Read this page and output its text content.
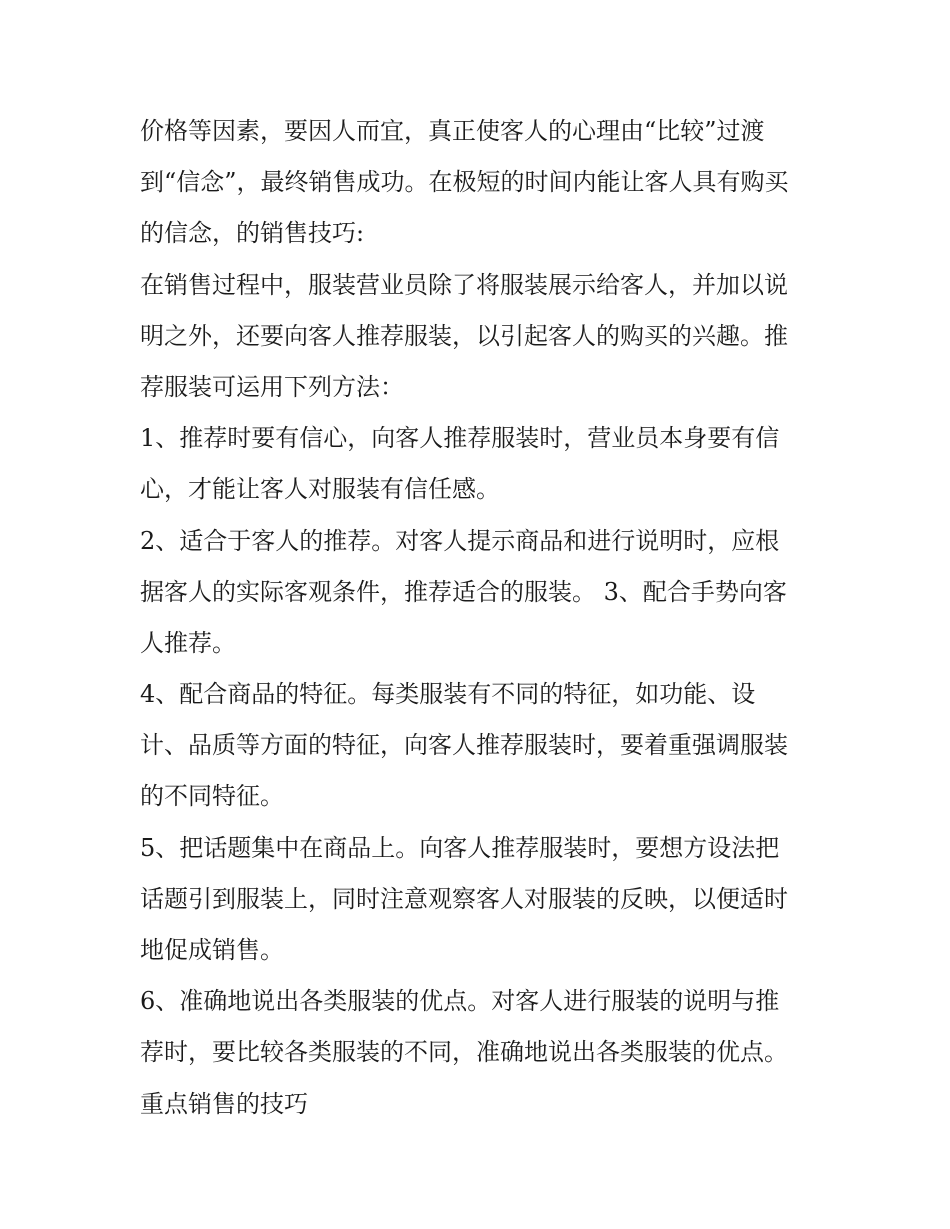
价格等因素，要因人而宜，真正使客人的心理由“比较”过渡
到“信念”，最终销售成功。在极短的时间内能让客人具有购买
的信念，的销售技巧:
在销售过程中，服装营业员除了将服装展示给客人，并加以说
明之外，还要向客人推荐服装，以引起客人的购买的兴趣。推
荐服装可运用下列方法：
1、推荐时要有信心，向客人推荐服装时，营业员本身要有信
心，才能让客人对服装有信任感。
2、适合于客人的推荐。对客人提示商品和进行说明时，应根
据客人的实际客观条件，推荐适合的服装。 3、配合手势向客
人推荐。
4、配合商品的特征。每类服装有不同的特征，如功能、设
计、品质等方面的特征，向客人推荐服装时，要着重强调服装
的不同特征。
5、把话题集中在商品上。向客人推荐服装时，要想方设法把
话题引到服装上，同时注意观察客人对服装的反映，以便适时
地促成销售。
6、准确地说出各类服装的优点。对客人进行服装的说明与推
荐时，要比较各类服装的不同，准确地说出各类服装的优点。
重点销售的技巧
